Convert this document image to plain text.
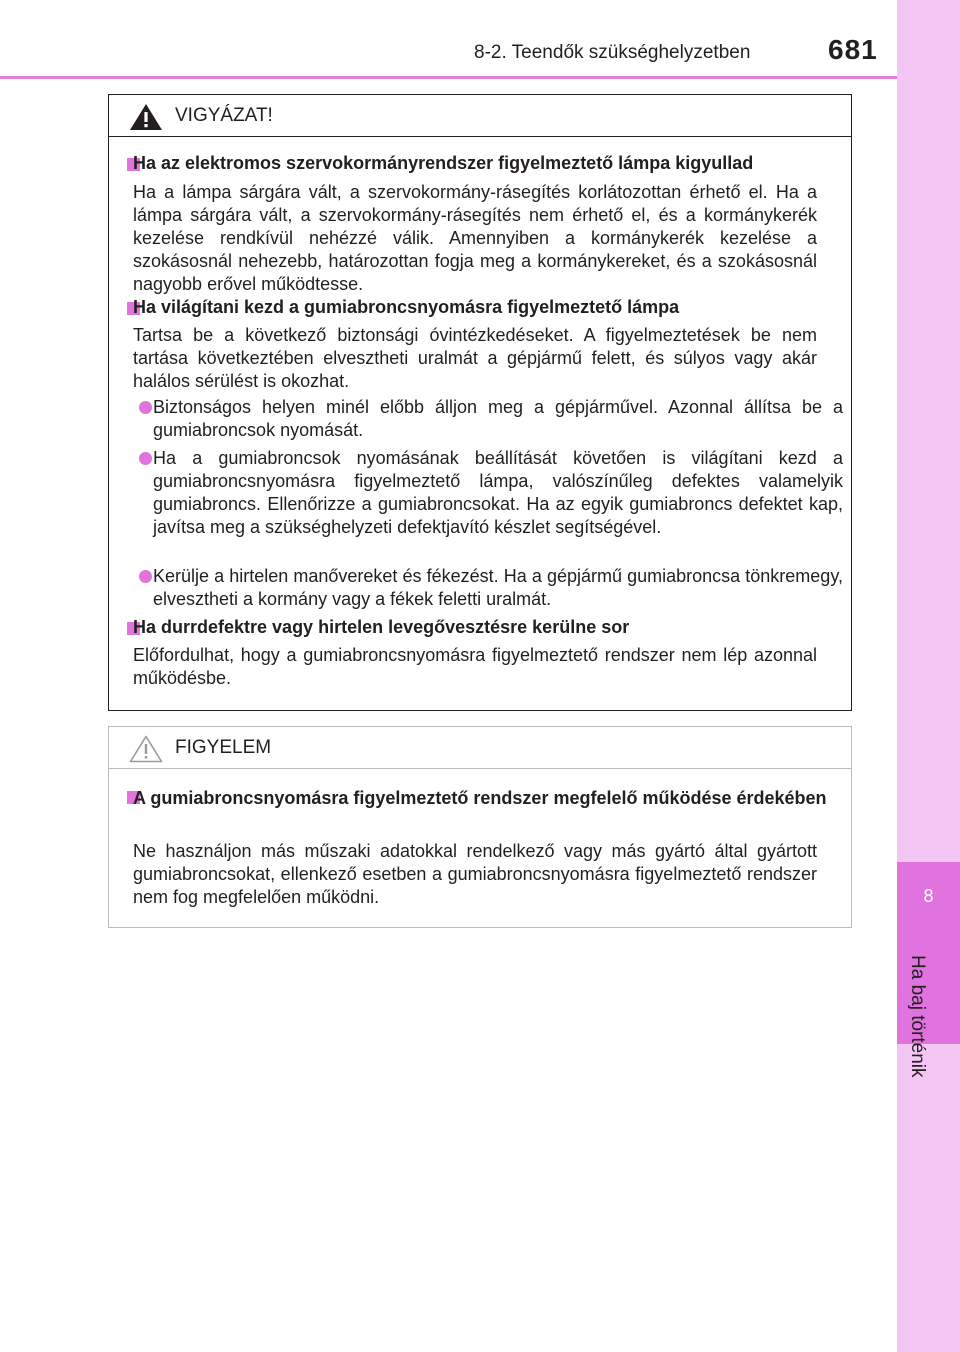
8-2. Teendők szükséghelyzetben	681
8
Ha baj történik
VIGYÁZAT!
Ha az elektromos szervokormányrendszer figyelmeztető lámpa kigyullad
Ha a lámpa sárgára vált, a szervokormány-rásegítés korlátozottan érhető el. Ha a lámpa sárgára vált, a szervokormány-rásegítés nem érhető el, és a kormánykerék kezelése rendkívül nehézzé válik. Amennyiben a kormánykerék kezelése a szokásosnál nehezebb, határozottan fogja meg a kormánykereket, és a szokásosnál nagyobb erővel működtesse.
Ha világítani kezd a gumiabroncsnyomásra figyelmeztető lámpa
Tartsa be a következő biztonsági óvintézkedéseket. A figyelmeztetések be nem tartása következtében elvesztheti uralmát a gépjármű felett, és súlyos vagy akár halálos sérülést is okozhat.
Biztonságos helyen minél előbb álljon meg a gépjárművel. Azonnal állítsa be a gumiabroncsok nyomását.
Ha a gumiabroncsok nyomásának beállítását követően is világítani kezd a gumiabroncsnyomásra figyelmeztető lámpa, valószínűleg defektes valamelyik gumiabroncs. Ellenőrizze a gumiabroncsokat. Ha az egyik gumiabroncs defektet kap, javítsa meg a szükséghelyzeti defektjavító készlet segítségével.
Kerülje a hirtelen manővereket és fékezést. Ha a gépjármű gumiabroncsa tönkremegy, elvesztheti a kormány vagy a fékek feletti uralmát.
Ha durrdefektre vagy hirtelen levegővesztésre kerülne sor
Előfordulhat, hogy a gumiabroncsnyomásra figyelmeztető rendszer nem lép azonnal működésbe.
FIGYELEM
A gumiabroncsnyomásra figyelmeztető rendszer megfelelő működése érdekében
Ne használjon más műszaki adatokkal rendelkező vagy más gyártó által gyártott gumiabroncsokat, ellenkező esetben a gumiabroncsnyomásra figyelmeztető rendszer nem fog megfelelően működni.
